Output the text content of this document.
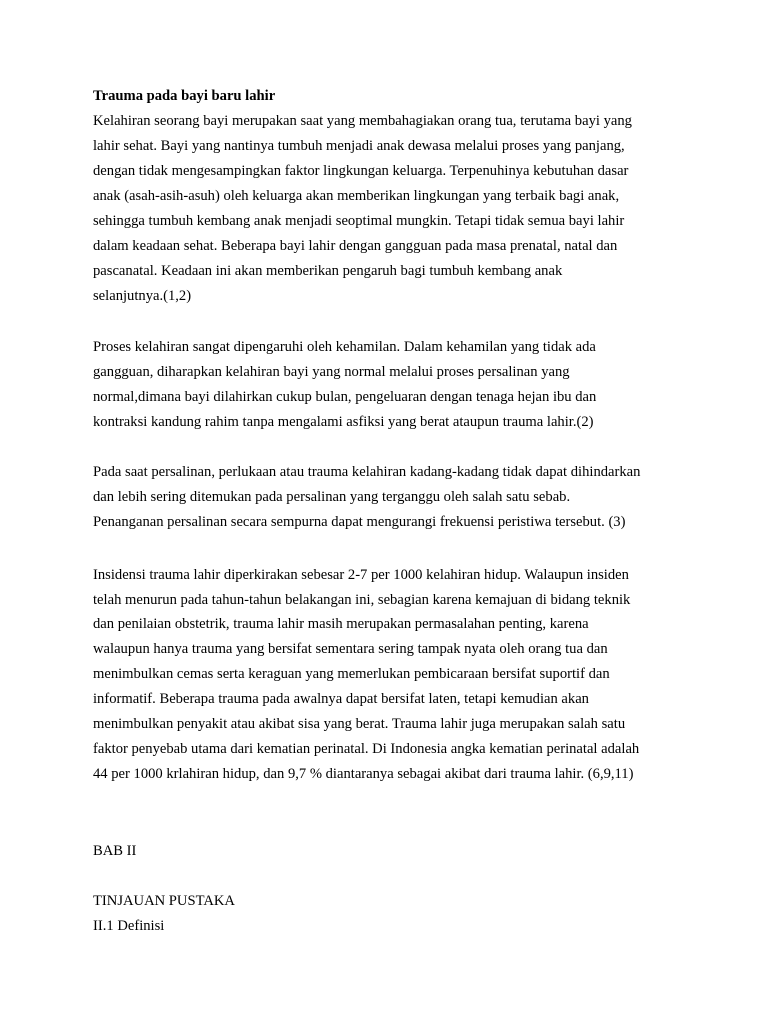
Trauma pada bayi baru lahir
Kelahiran seorang bayi merupakan saat yang membahagiakan orang tua, terutama bayi yang
lahir sehat. Bayi yang nantinya tumbuh menjadi anak dewasa melalui proses yang panjang,
dengan tidak mengesampingkan faktor lingkungan keluarga. Terpenuhinya kebutuhan dasar
anak (asah-asih-asuh) oleh keluarga akan memberikan lingkungan yang terbaik bagi anak,
sehingga tumbuh kembang anak menjadi seoptimal mungkin. Tetapi tidak semua bayi lahir
dalam keadaan sehat. Beberapa bayi lahir dengan gangguan pada masa prenatal, natal dan
pascanatal. Keadaan ini akan memberikan pengaruh bagi tumbuh kembang anak
selanjutnya.(1,2)
Proses kelahiran sangat dipengaruhi oleh kehamilan. Dalam kehamilan yang tidak ada
gangguan, diharapkan kelahiran bayi yang normal melalui proses persalinan yang
normal,dimana bayi dilahirkan cukup bulan, pengeluaran dengan tenaga hejan ibu dan
kontraksi kandung rahim tanpa mengalami asfiksi yang berat ataupun trauma lahir.(2)
Pada saat persalinan, perlukaan atau trauma kelahiran kadang-kadang tidak dapat dihindarkan
dan lebih sering ditemukan pada persalinan yang terganggu oleh salah satu sebab.
Penanganan persalinan secara sempurna dapat mengurangi frekuensi peristiwa tersebut. (3)
Insidensi trauma lahir diperkirakan sebesar 2-7 per 1000 kelahiran hidup. Walaupun insiden
telah menurun pada tahun-tahun belakangan ini, sebagian karena kemajuan di bidang teknik
dan penilaian obstetrik, trauma lahir masih merupakan permasalahan penting, karena
walaupun hanya trauma yang bersifat sementara sering tampak nyata oleh orang tua dan
menimbulkan cemas serta keraguan yang memerlukan pembicaraan bersifat suportif dan
informatif. Beberapa trauma pada awalnya dapat bersifat laten, tetapi kemudian akan
menimbulkan penyakit atau akibat sisa yang berat. Trauma lahir juga merupakan salah satu
faktor penyebab utama dari kematian perinatal. Di Indonesia angka kematian perinatal adalah
44 per 1000 krlahiran hidup, dan 9,7 % diantaranya sebagai akibat dari trauma lahir. (6,9,11)
BAB II
TINJAUAN PUSTAKA
II.1 Definisi
